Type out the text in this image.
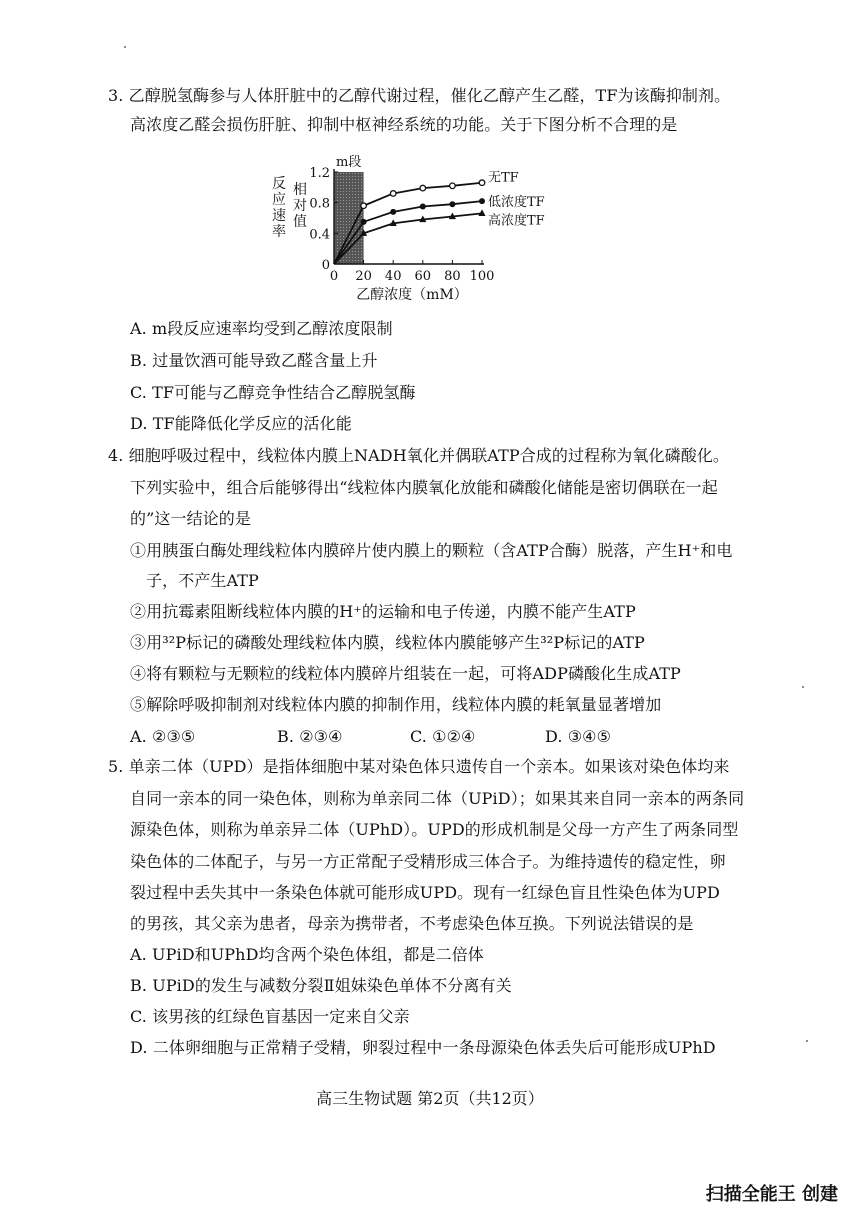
3. 乙醇脱氢酶参与人体肝脏中的乙醇代谢过程，催化乙醇产生乙醛，TF为该酶抑制剂。
高浓度乙醛会损伤肝脏、抑制中枢神经系统的功能。关于下图分析不合理的是
m段
0
0.4
0.8
1.2
0 20 40 60 80 100
乙醇浓度（mM）
反应速率
相对值
无TF
低浓度TF
高浓度TF
A. m段反应速率均受到乙醇浓度限制
B. 过量饮酒可能导致乙醛含量上升
C. TF可能与乙醇竞争性结合乙醇脱氢酶
D. TF能降低化学反应的活化能
4. 细胞呼吸过程中，线粒体内膜上NADH氧化并偶联ATP合成的过程称为氧化磷酸化。
下列实验中，组合后能够得出“线粒体内膜氧化放能和磷酸化储能是密切偶联在一起
的”这一结论的是
①用胰蛋白酶处理线粒体内膜碎片使内膜上的颗粒（含ATP合酶）脱落，产生H⁺和电
子，不产生ATP
②用抗霉素阻断线粒体内膜的H⁺的运输和电子传递，内膜不能产生ATP
③用³²P标记的磷酸处理线粒体内膜，线粒体内膜能够产生³²P标记的ATP
④将有颗粒与无颗粒的线粒体内膜碎片组装在一起，可将ADP磷酸化生成ATP
⑤解除呼吸抑制剂对线粒体内膜的抑制作用，线粒体内膜的耗氧量显著增加
A. ②③⑤	B. ②③④	C. ①②④	D. ③④⑤
5. 单亲二体（UPD）是指体细胞中某对染色体只遗传自一个亲本。如果该对染色体均来
自同一亲本的同一染色体，则称为单亲同二体（UPiD）；如果其来自同一亲本的两条同
源染色体，则称为单亲异二体（UPhD）。UPD的形成机制是父母一方产生了两条同型
染色体的二体配子，与另一方正常配子受精形成三体合子。为维持遗传的稳定性，卵
裂过程中丢失其中一条染色体就可能形成UPD。现有一红绿色盲且性染色体为UPD
的男孩，其父亲为患者，母亲为携带者，不考虑染色体互换。下列说法错误的是
A. UPiD和UPhD均含两个染色体组，都是二倍体
B. UPiD的发生与减数分裂Ⅱ姐妹染色单体不分离有关
C. 该男孩的红绿色盲基因一定来自父亲
D. 二体卵细胞与正常精子受精，卵裂过程中一条母源染色体丢失后可能形成UPhD
高三生物试题 第2页（共12页）
扫描全能王 创建
